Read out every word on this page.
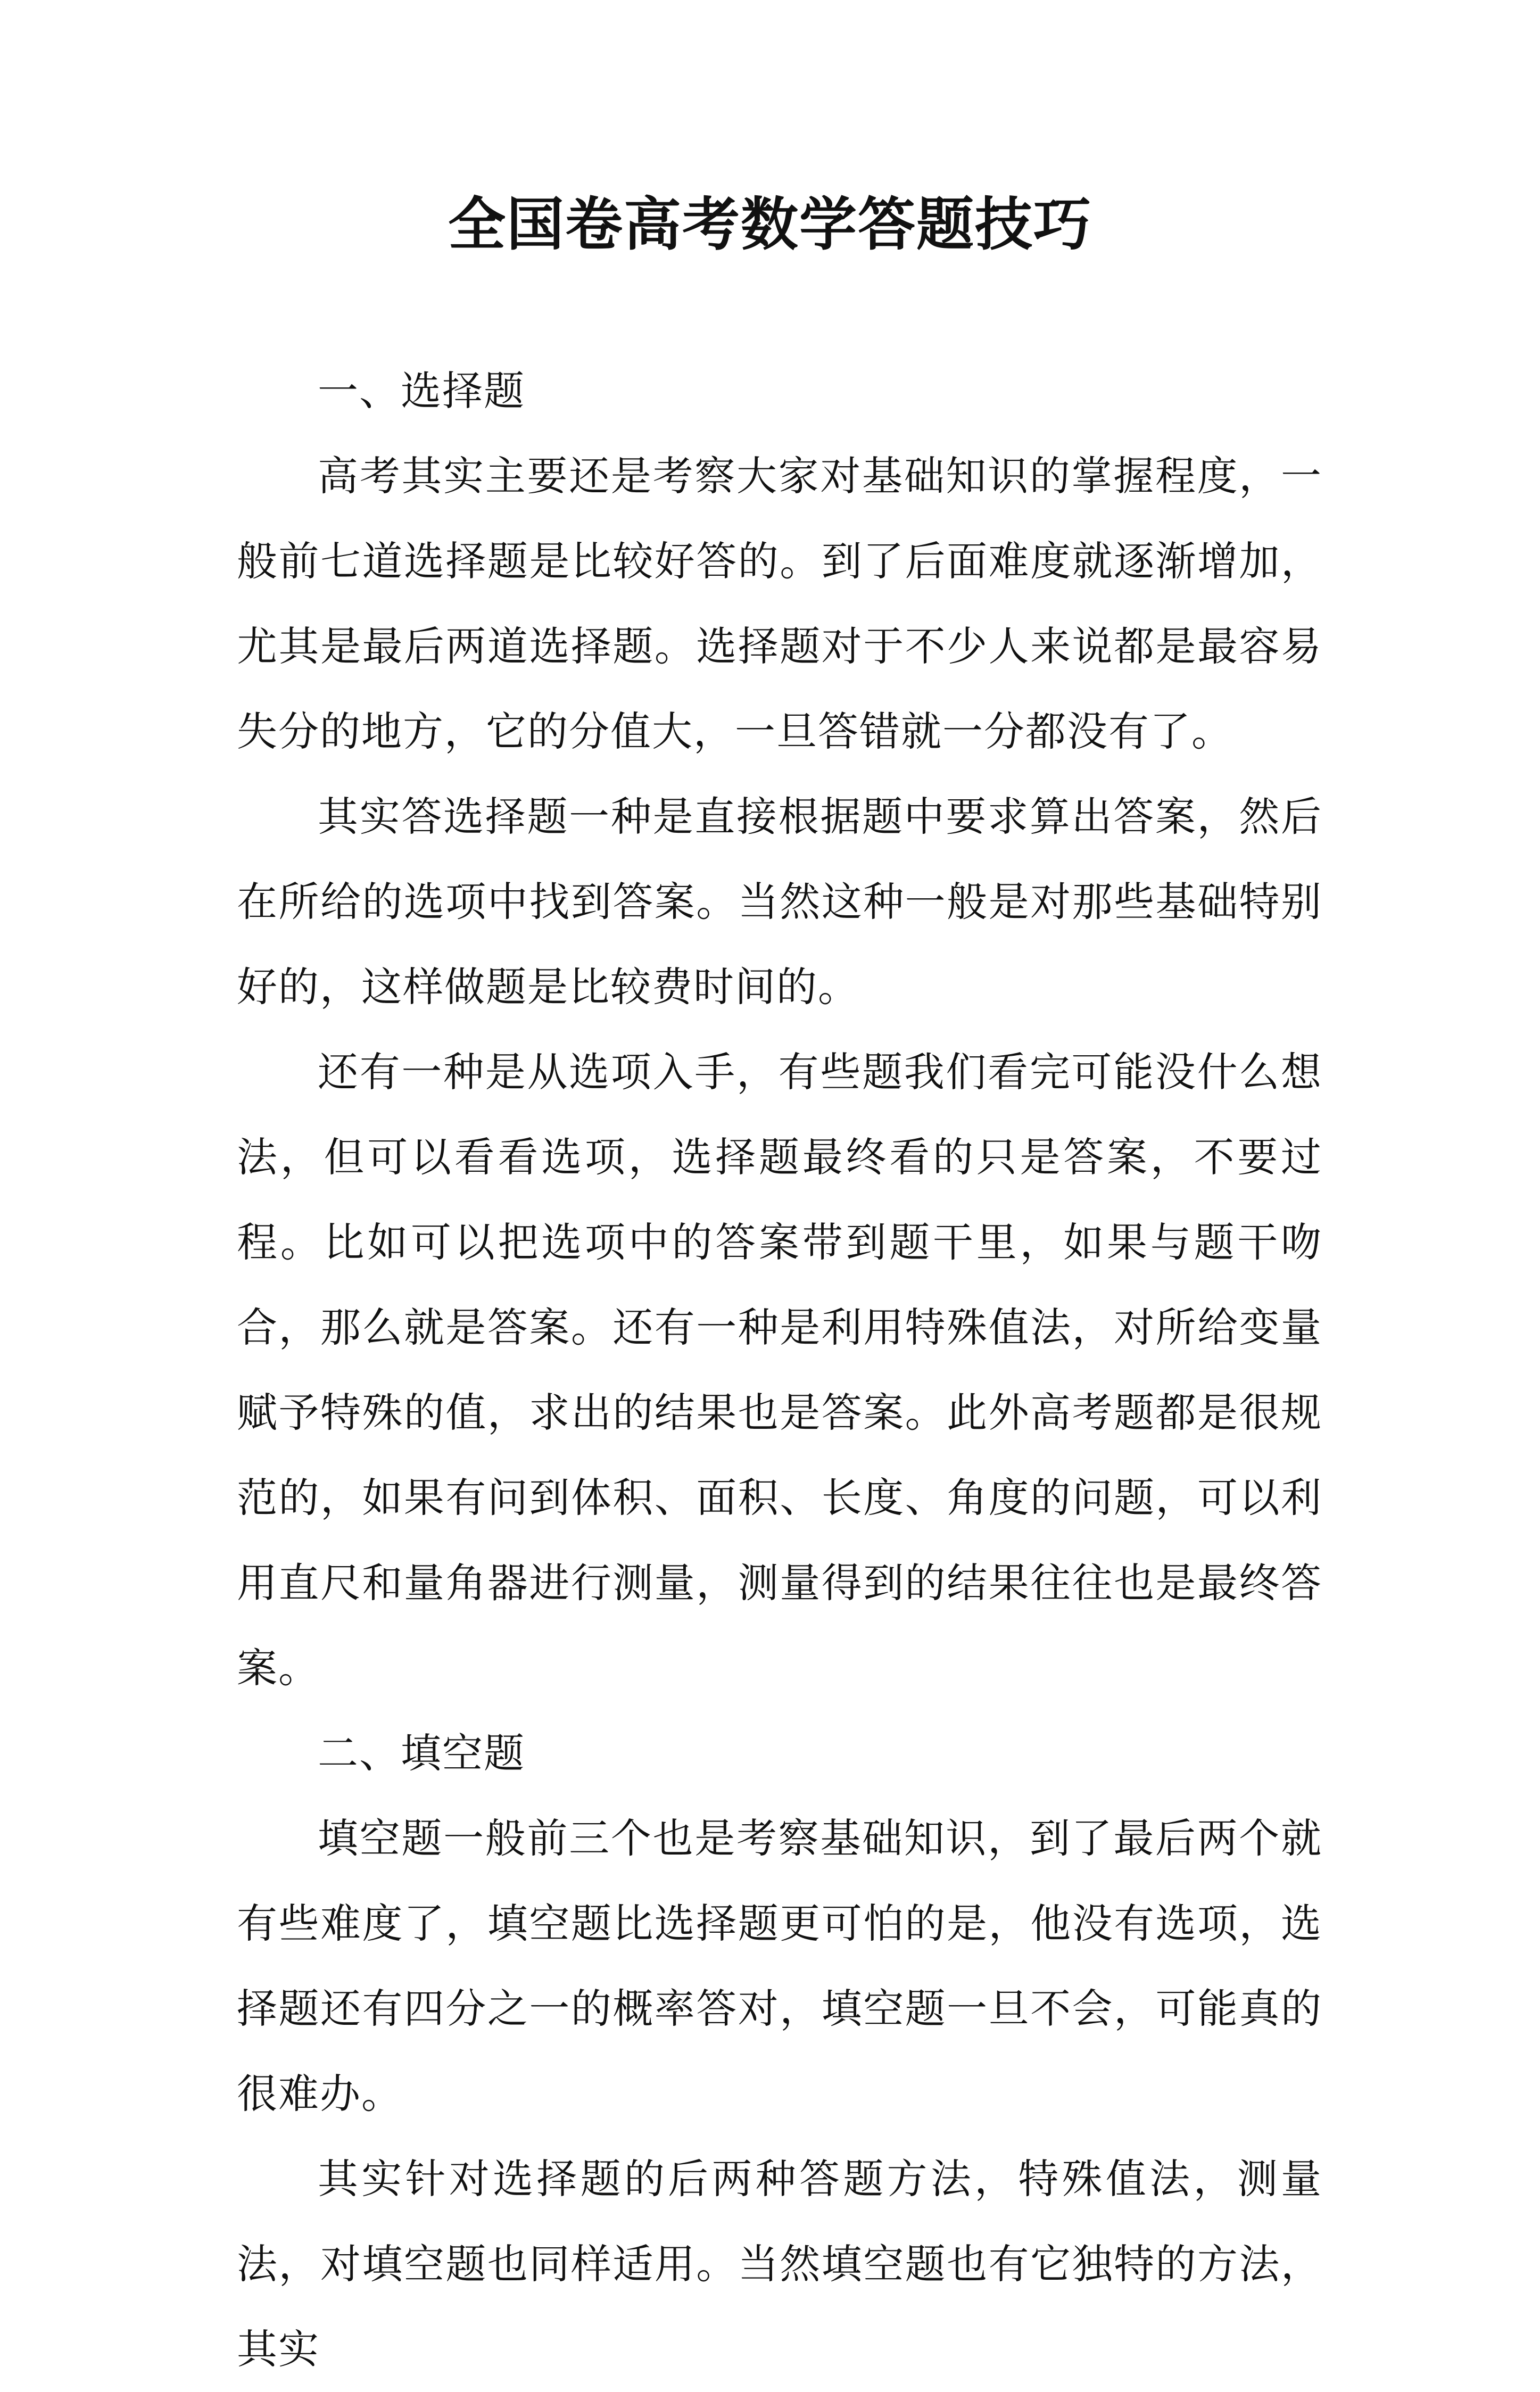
全国卷高考数学答题技巧

一、选择题

高考其实主要还是考察大家对基础知识的掌握程度，一般前七道选择题是比较好答的。到了后面难度就逐渐增加，尤其是最后两道选择题。选择题对于不少人来说都是最容易失分的地方，它的分值大，一旦答错就一分都没有了。

其实答选择题一种是直接根据题中要求算出答案，然后在所给的选项中找到答案。当然这种一般是对那些基础特别好的，这样做题是比较费时间的。

还有一种是从选项入手，有些题我们看完可能没什么想法，但可以看看选项，选择题最终看的只是答案，不要过程。比如可以把选项中的答案带到题干里，如果与题干吻合，那么就是答案。还有一种是利用特殊值法，对所给变量赋予特殊的值，求出的结果也是答案。此外高考题都是很规范的，如果有问到体积、面积、长度、角度的问题，可以利用直尺和量角器进行测量，测量得到的结果往往也是最终答案。

二、填空题

填空题一般前三个也是考察基础知识，到了最后两个就有些难度了，填空题比选择题更可怕的是，他没有选项，选择题还有四分之一的概率答对，填空题一旦不会，可能真的很难办。

其实针对选择题的后两种答题方法，特殊值法，测量法，对填空题也同样适用。当然填空题也有它独特的方法，其实
